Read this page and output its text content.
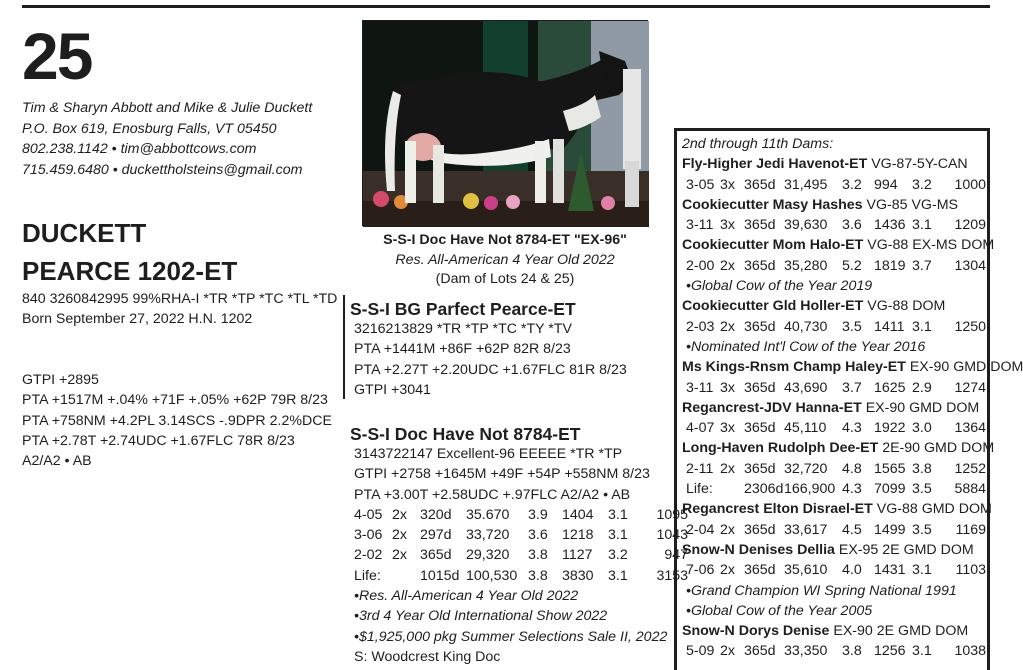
25
Tim & Sharyn Abbott and Mike & Julie Duckett
P.O. Box 619, Enosburg Falls, VT 05450
802.238.1142 • tim@abbottcows.com
715.459.6480 • duckettholsteins@gmail.com
DUCKETT
PEARCE 1202-ET
840 3260842995 99%RHA-I *TR *TP *TC *TL *TD
Born September 27, 2022 H.N. 1202
GTPI +2895
PTA +1517M +.04% +71F +.05% +62P 79R 8/23
PTA +758NM +4.2PL 3.14SCS -.9DPR 2.2%DCE
PTA +2.78T +2.74UDC +1.67FLC 78R 8/23
A2/A2 • AB
S-S-I Doc Have Not 8784-ET "EX-96"
Res. All-American 4 Year Old 2022
(Dam of Lots 24 & 25)
S-S-I BG Parfect Pearce-ET
3216213829 *TR *TP *TC *TY *TV
PTA +1441M +86F +62P 82R 8/23
PTA +2.27T +2.20UDC +1.67FLC 81R 8/23
GTPI +3041
S-S-I Doc Have Not 8784-ET
3143722147 Excellent-96 EEEEE *TR *TP
GTPI +2758 +1645M +49F +54P +558NM 8/23
PTA +3.00T +2.58UDC +.97FLC A2/A2 • AB
4-05 2x 320d 35.670 3.9 1404 3.1 1095
3-06 2x 297d 33,720 3.6 1218 3.1 1043
2-02 2x 365d 29,320 3.8 1127 3.2	947
Life:	1015d 100,530 3.8 3830 3.1 3153
•Res. All-American 4 Year Old 2022
•3rd 4 Year Old International Show 2022
•$1,925,000 pkg Summer Selections Sale II, 2022
S: Woodcrest King Doc
2nd through 11th Dams:
Fly-Higher Jedi Havenot-ET VG-87-5Y-CAN
3-05 3x 365d 31,495 3.2 994 3.2 1000
Cookiecutter Masy Hashes VG-85 VG-MS
3-11 3x 365d 39,630 3.6 1436 3.1 1209
Cookiecutter Mom Halo-ET VG-88 EX-MS DOM
2-00 2x 365d 35,280 5.2 1819 3.7 1304
•Global Cow of the Year 2019
Cookiecutter Gld Holler-ET VG-88 DOM
2-03 2x 365d 40,730 3.5 1411 3.1 1250
•Nominated Int'l Cow of the Year 2016
Ms Kings-Rnsm Champ Haley-ET EX-90 GMD DOM
3-11 3x 365d 43,690 3.7 1625 2.9 1274
Regancrest-JDV Hanna-ET EX-90 GMD DOM
4-07 3x 365d 45,110 4.3 1922 3.0 1364
Long-Haven Rudolph Dee-ET 2E-90 GMD DOM
2-11 2x 365d 32,720 4.8 1565 3.8 1252
Life: 2306d166,900 4.3 7099 3.5 5884
Regancrest Elton Disrael-ET VG-88 GMD DOM
2-04 2x 365d 33,617 4.5 1499 3.5 1169
Snow-N Denises Dellia EX-95 2E GMD DOM
7-06 2x 365d 35,610 4.0 1431 3.1 1103
•Grand Champion WI Spring National 1991
•Global Cow of the Year 2005
Snow-N Dorys Denise EX-90 2E GMD DOM
5-09 2x 365d 33,350 3.8 1256 3.1 1038
